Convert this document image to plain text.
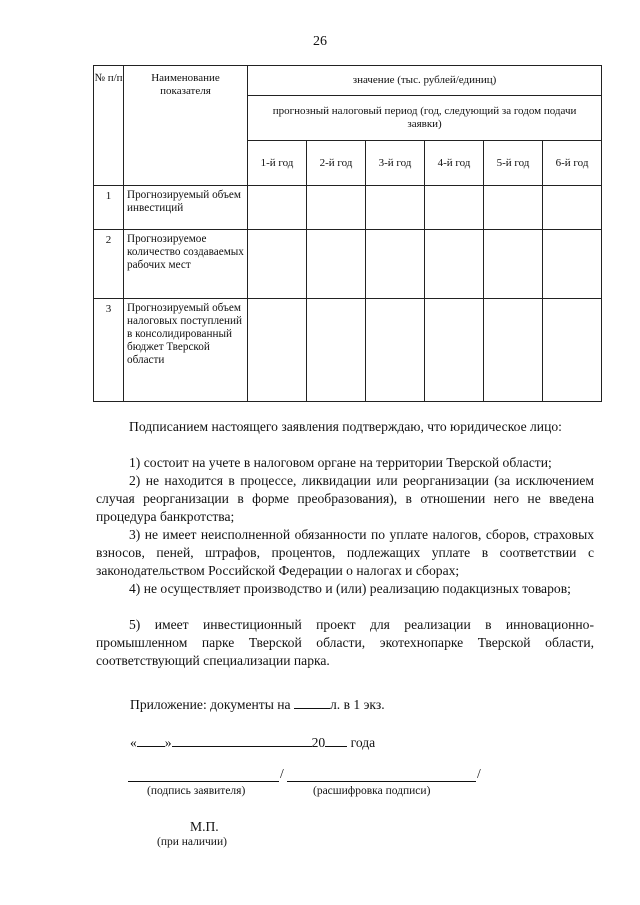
26
№ п/п	Наименование показателя	значение (тыс. рублей/единиц)					
		прогнозный налоговый период (год, следующий за годом подачи заявки)					
		1-й год	2-й год	3-й год	4-й год	5-й год	6-й год
1	Прогнозируемый объем инвестиций						
2	Прогнозируемое количество создаваемых рабочих мест						
3	Прогнозируемый объем налоговых поступлений в консолидированный бюджет Тверской области						
Подписанием настоящего заявления подтверждаю, что юридическое лицо:
1) состоит на учете в налоговом органе на территории Тверской области;
2) не находится в процессе, ликвидации или реорганизации (за исключением случая реорганизации в форме преобразования), в отношении него не введена процедура банкротства;
3) не имеет неисполненной обязанности по уплате налогов, сборов, страховых взносов, пеней, штрафов, процентов, подлежащих уплате в соответствии с законодательством Российской Федерации о налогах и сборах;
4) не осуществляет производство и (или) реализацию подакцизных товаров;
5) имеет инвестиционный проект для реализации в инновационно-промышленном парке Тверской области, экотехнопарке Тверской области, соответствующий специализации парка.
Приложение: документы на	л. в 1 экз.
« »	20 года
/	/
(подпись заявителя)	(расшифровка подписи)
М.П.
(при наличии)
